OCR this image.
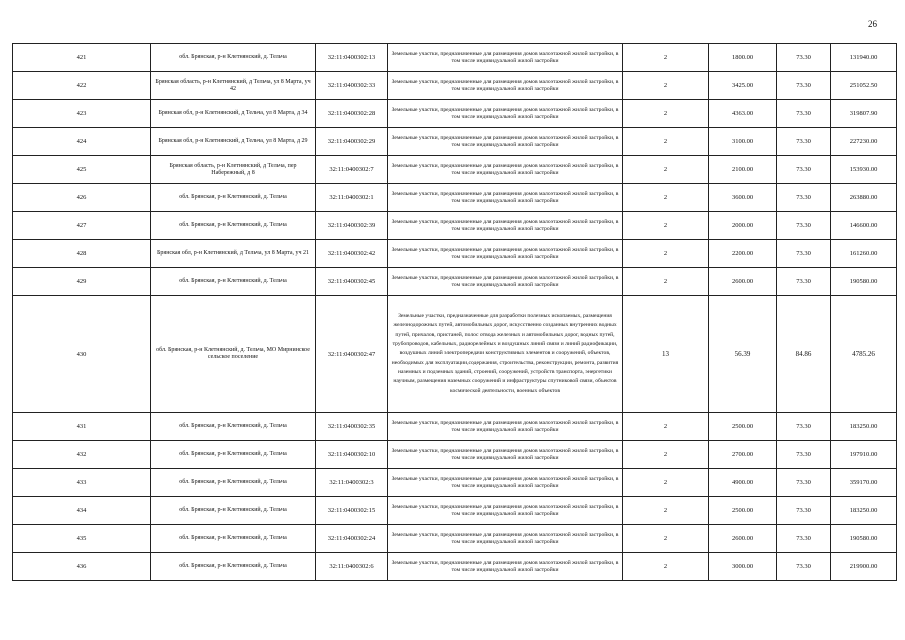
26
421	обл. Брянская, р-н Клетнянский, д. Тельча	32:11:0400302:13	Земельные участки, предназначенные для размещения домов малоэтажной жилой застройки, в том числе индивидуальной жилой застройки	2	1800.00	73.30	131940.00
422	Брянская область, р-н Клетнянский, д Тельча, ул 8 Марта, уч 42	32:11:0400302:33	Земельные участки, предназначенные для размещения домов малоэтажной жилой застройки, в том числе индивидуальной жилой застройки	2	3425.00	73.30	251052.50
423	Брянская обл, р-н Клетнянский, д Тельча, ул 8 Марта, д 34	32:11:0400302:28	Земельные участки, предназначенные для размещения домов малоэтажной жилой застройки, в том числе индивидуальной жилой застройки	2	4363.00	73.30	319807.90
424	Брянская обл, р-н Клетнянский, д Тельча, ул 8 Марта, д 29	32:11:0400302:29	Земельные участки, предназначенные для размещения домов малоэтажной жилой застройки, в том числе индивидуальной жилой застройки	2	3100.00	73.30	227230.00
425	Брянская область, р-н Клетнянский, д Тельча, пер Набережный, д 8	32:11:0400302:7	Земельные участки, предназначенные для размещения домов малоэтажной жилой застройки, в том числе индивидуальной жилой застройки	2	2100.00	73.30	153930.00
426	обл. Брянская, р-н Клетнянский, д. Тельча	32:11:0400302:1	Земельные участки, предназначенные для размещения домов малоэтажной жилой застройки, в том числе индивидуальной жилой застройки	2	3600.00	73.30	263880.00
427	обл. Брянская, р-н Клетнянский, д. Тельча	32:11:0400302:39	Земельные участки, предназначенные для размещения домов малоэтажной жилой застройки, в том числе индивидуальной жилой застройки	2	2000.00	73.30	146600.00
428	Брянская обл, р-н Клетнянский, д Тельча, ул 8 Марта, уч 21	32:11:0400302:42	Земельные участки, предназначенные для размещения домов малоэтажной жилой застройки, в том числе индивидуальной жилой застройки	2	2200.00	73.30	161260.00
429	обл. Брянская, р-н Клетнянский, д. Тельча	32:11:0400302:45	Земельные участки, предназначенные для размещения домов малоэтажной жилой застройки, в том числе индивидуальной жилой застройки	2	2600.00	73.30	190580.00
430	обл. Брянская, р-н Клетнянский, д. Тельча, МО Мирнинское сельское поселение	32:11:0400302:47	Земельные участки, предназначенные для разработки полезных ископаемых, размещения железнодорожных путей, автомобильных дорог, искусственно созданных внутренних водных путей, причалов, пристаней, полос отвода железных и автомобильных дорог, водных путей, трубопроводов, кабельных, радиорелейных и воздушных линий связи и линий радиофикации, воздушных линий электропередачи конструктивных элементов и сооружений, объектов, необходимых для эксплуатации,содержания, строительства, реконструкции, ремонта, развития наземных и подземных зданий, строений, сооружений, устройств транспорта, энергетики научным, размещения наземных сооружений и инфраструктуры спутниковой связи, объектов космической деятельности, военных объектов	13	56.39	84.86	4785.26
431	обл. Брянская, р-н Клетнянский, д. Тельча	32:11:0400302:35	Земельные участки, предназначенные для размещения домов малоэтажной жилой застройки, в том числе индивидуальной жилой застройки	2	2500.00	73.30	183250.00
432	обл. Брянская, р-н Клетнянский, д. Тельча	32:11:0400302:10	Земельные участки, предназначенные для размещения домов малоэтажной жилой застройки, в том числе индивидуальной жилой застройки	2	2700.00	73.30	197910.00
433	обл. Брянская, р-н Клетнянский, д. Тельча	32:11:0400302:3	Земельные участки, предназначенные для размещения домов малоэтажной жилой застройки, в том числе индивидуальной жилой застройки	2	4900.00	73.30	359170.00
434	обл. Брянская, р-н Клетнянский, д. Тельча	32:11:0400302:15	Земельные участки, предназначенные для размещения домов малоэтажной жилой застройки, в том числе индивидуальной жилой застройки	2	2500.00	73.30	183250.00
435	обл. Брянская, р-н Клетнянский, д. Тельча	32:11:0400302:24	Земельные участки, предназначенные для размещения домов малоэтажной жилой застройки, в том числе индивидуальной жилой застройки	2	2600.00	73.30	190580.00
436	обл. Брянская, р-н Клетнянский, д. Тельча	32:11:0400302:6	Земельные участки, предназначенные для размещения домов малоэтажной жилой застройки, в том числе индивидуальной жилой застройки	2	3000.00	73.30	219900.00
